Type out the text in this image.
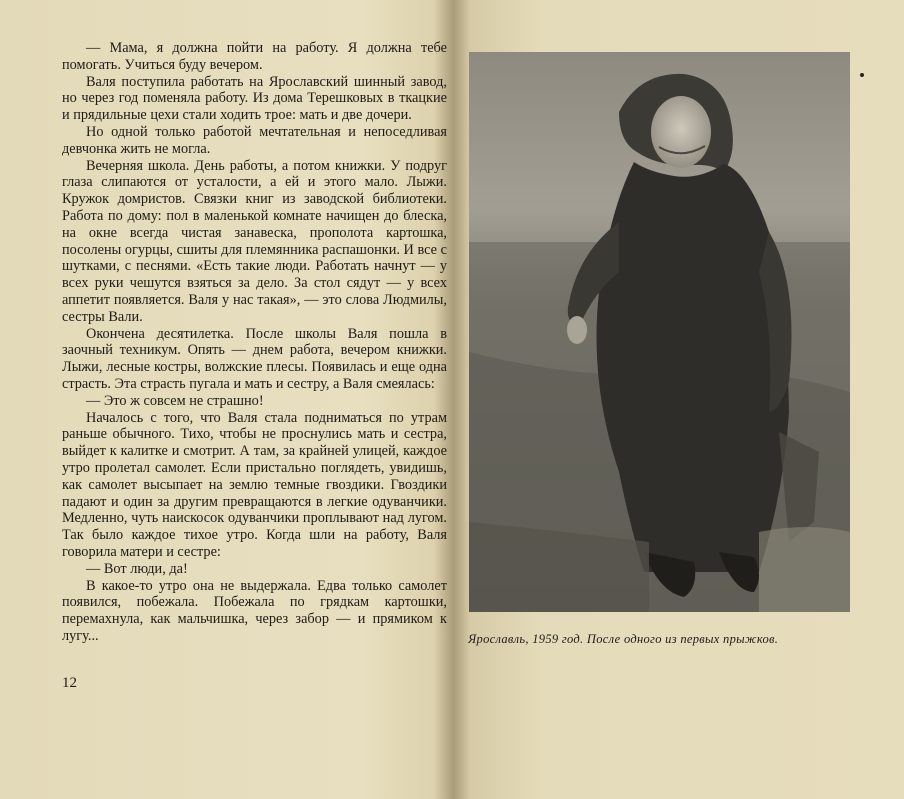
— Мама, я должна пойти на работу. Я должна тебе помогать. Учиться буду вечером.

Валя поступила работать на Ярославский шинный завод, но через год поменяла работу. Из дома Терешковых в ткацкие и прядильные цехи стали ходить трое: мать и две дочери.

Но одной только работой мечтательная и непоседливая девчонка жить не могла.

Вечерняя школа. День работы, а потом книжки. У подруг глаза слипаются от усталости, а ей и этого мало. Лыжи. Кружок домристов. Связки книг из заводской библиотеки. Работа по дому: пол в маленькой комнате начищен до блеска, на окне всегда чистая занавеска, прополота картошка, посолены огурцы, сшиты для племянника распашонки. И все с шутками, с песнями. «Есть такие люди. Работать начнут — у всех руки чешутся взяться за дело. За стол сядут — у всех аппетит появляется. Валя у нас такая», — это слова Людмилы, сестры Вали.

Окончена десятилетка. После школы Валя пошла в заочный техникум. Опять — днем работа, вечером книжки. Лыжи, лесные костры, волжские плесы. Появилась и еще одна страсть. Эта страсть пугала и мать и сестру, а Валя смеялась:

— Это ж совсем не страшно!

Началось с того, что Валя стала подниматься по утрам раньше обычного. Тихо, чтобы не проснулись мать и сестра, выйдет к калитке и смотрит. А там, за крайней улицей, каждое утро пролетал самолет. Если пристально поглядеть, увидишь, как самолет высыпает на землю темные гвоздики. Гвоздики падают и один за другим превращаются в легкие одуванчики. Медленно, чуть наискосок одуванчики проплывают над лугом. Так было каждое тихое утро. Когда шли на работу, Валя говорила матери и сестре:

— Вот люди, да!

В какое-то утро она не выдержала. Едва только самолет появился, побежала. Побежала по грядкам картошки, перемахнула, как мальчишка, через забор — и прямиком к лугу...

12
Ярославль, 1959 год. После одного из первых прыжков.
